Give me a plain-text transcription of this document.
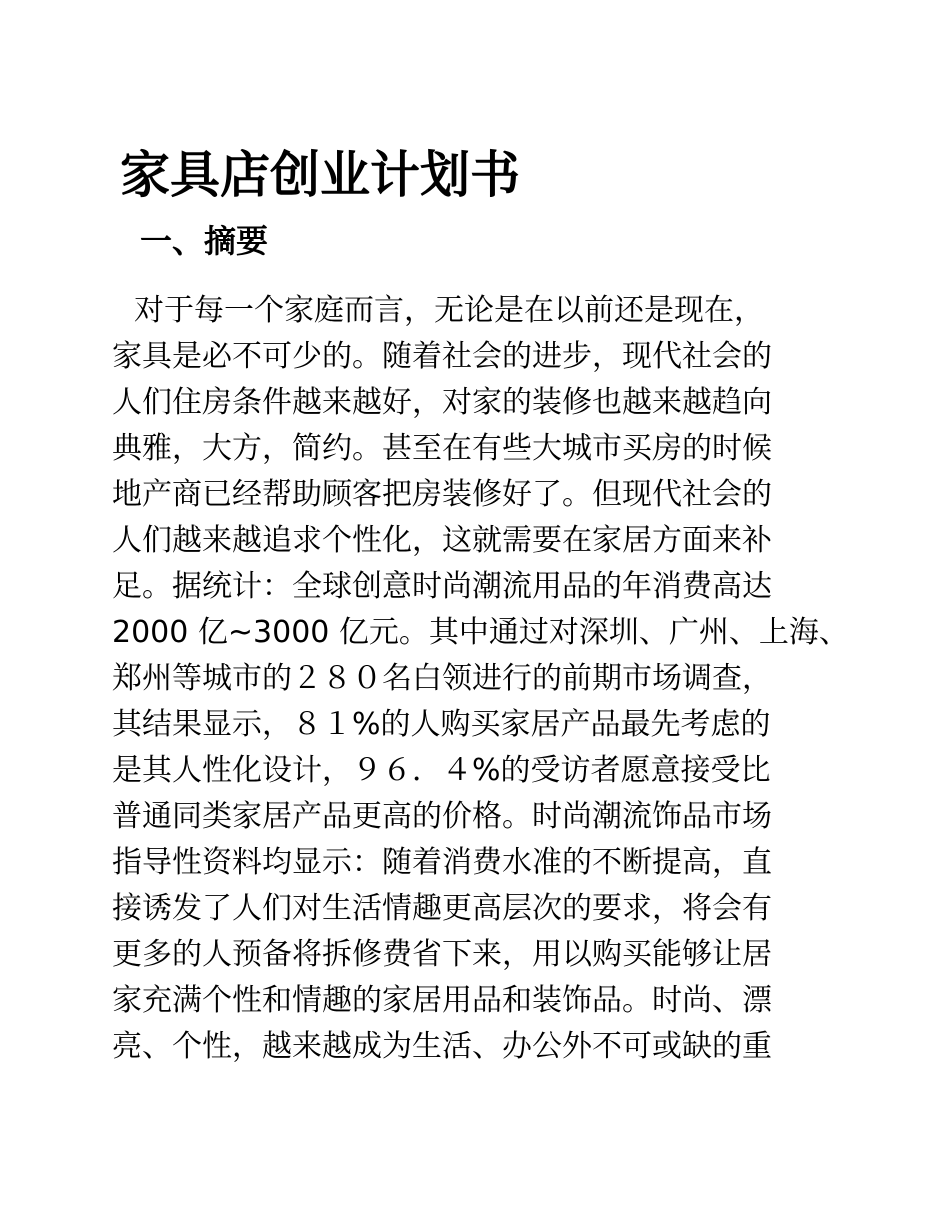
家具店创业计划书
一、摘要
对于每一个家庭而言，无论是在以前还是现在，
家具是必不可少的。随着社会的进步，现代社会的
人们住房条件越来越好，对家的装修也越来越趋向
典雅，大方，简约。甚至在有些大城市买房的时候
地产商已经帮助顾客把房装修好了。但现代社会的
人们越来越追求个性化，这就需要在家居方面来补
足。据统计：全球创意时尚潮流用品的年消费高达
2000 亿~3000 亿元。其中通过对深圳、广州、上海、
郑州等城市的２８０名白领进行的前期市场调查，
其结果显示，８１%的人购买家居产品最先考虑的
是其人性化设计，９６．４%的受访者愿意接受比
普通同类家居产品更高的价格。时尚潮流饰品市场
指导性资料均显示：随着消费水准的不断提高，直
接诱发了人们对生活情趣更高层次的要求，将会有
更多的人预备将拆修费省下来，用以购买能够让居
家充满个性和情趣的家居用品和装饰品。时尚、漂
亮、个性，越来越成为生活、办公外不可或缺的重
